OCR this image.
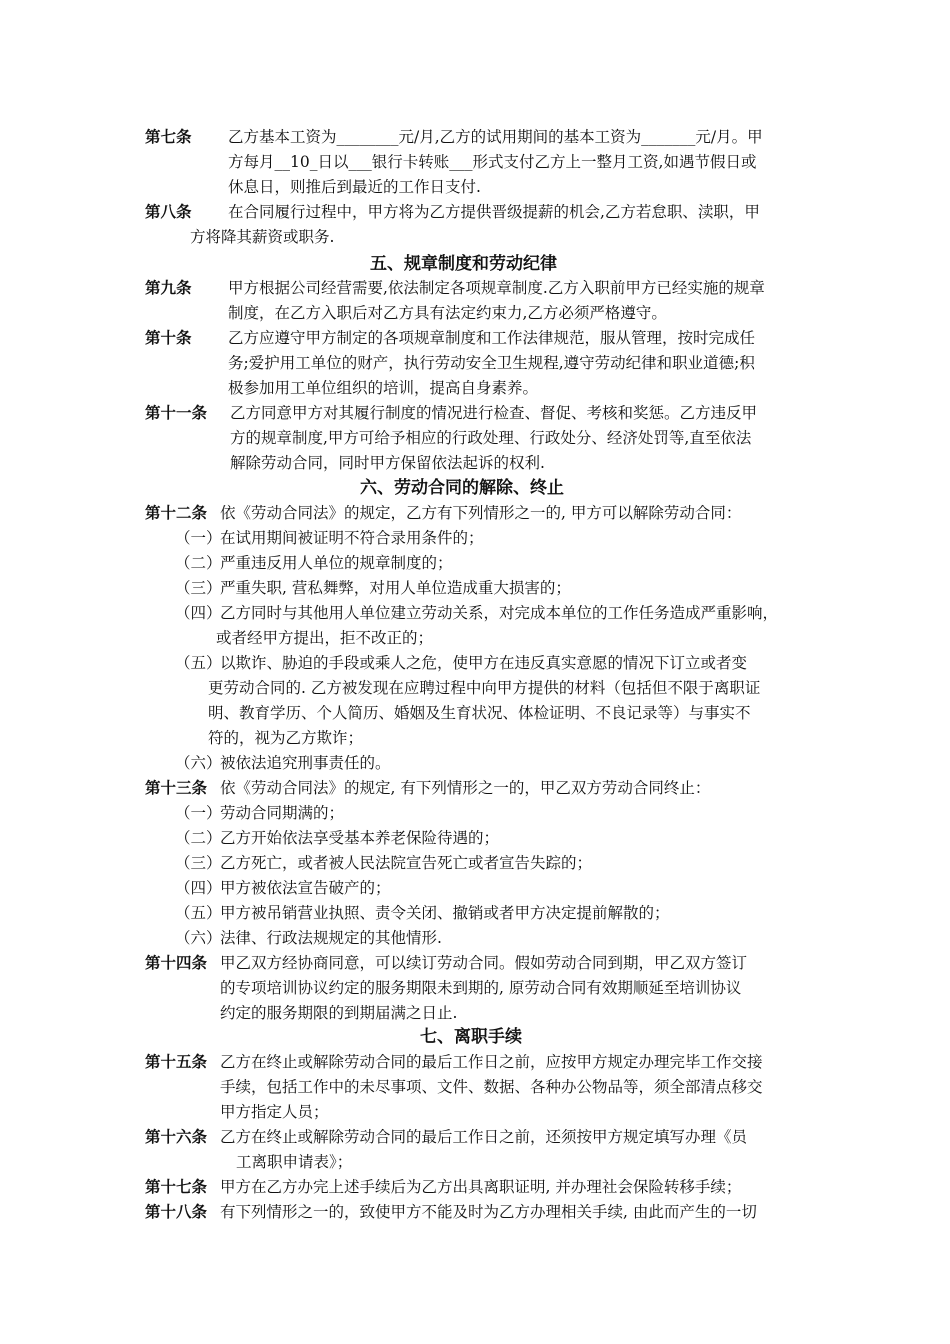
第七条 乙方基本工资为________元/月,乙方的试用期间的基本工资为_______元/月。甲
方每月__10_日以___银行卡转账___形式支付乙方上一整月工资,如遇节假日或
休息日，则推后到最近的工作日支付.
第八条 在合同履行过程中，甲方将为乙方提供晋级提薪的机会,乙方若怠职、渎职，甲
方将降其薪资或职务.
五、规章制度和劳动纪律
第九条 甲方根据公司经营需要,依法制定各项规章制度.乙方入职前甲方已经实施的规章
制度，在乙方入职后对乙方具有法定约束力,乙方必须严格遵守。
第十条 乙方应遵守甲方制定的各项规章制度和工作法律规范，服从管理，按时完成任
务;爱护用工单位的财产，执行劳动安全卫生规程,遵守劳动纪律和职业道德;积
极参加用工单位组织的培训，提高自身素养。
第十一条 乙方同意甲方对其履行制度的情况进行检查、督促、考核和奖惩。乙方违反甲
方的规章制度,甲方可给予相应的行政处理、行政处分、经济处罚等,直至依法
解除劳动合同，同时甲方保留依法起诉的权利.
六、劳动合同的解除、终止
第十二条 依《劳动合同法》的规定，乙方有下列情形之一的, 甲方可以解除劳动合同：
（一）
在试用期间被证明不符合录用条件的；
（二）
严重违反用人单位的规章制度的；
（三）
严重失职, 营私舞弊，对用人单位造成重大损害的；
（四）
乙方同时与其他用人单位建立劳动关系，对完成本单位的工作任务造成严重影响，
或者经甲方提出，拒不改正的；
（五）
以欺诈、胁迫的手段或乘人之危，使甲方在违反真实意愿的情况下订立或者变
更劳动合同的. 乙方被发现在应聘过程中向甲方提供的材料（包括但不限于离职证
明、教育学历、个人简历、婚姻及生育状况、体检证明、不良记录等）与事实不
符的，视为乙方欺诈；
（六）
被依法追究刑事责任的。
第十三条 依《劳动合同法》的规定, 有下列情形之一的，甲乙双方劳动合同终止：
（一）
劳动合同期满的；
（二）
乙方开始依法享受基本养老保险待遇的；
（三）
乙方死亡，或者被人民法院宣告死亡或者宣告失踪的；
（四）
甲方被依法宣告破产的；
（五）
甲方被吊销营业执照、责令关闭、撤销或者甲方决定提前解散的；
（六）
法律、行政法规规定的其他情形.
第十四条 甲乙双方经协商同意，可以续订劳动合同。假如劳动合同到期，甲乙双方签订
的专项培训协议约定的服务期限未到期的, 原劳动合同有效期顺延至培训协议
约定的服务期限的到期届满之日止.
七、离职手续
第十五条 乙方在终止或解除劳动合同的最后工作日之前，应按甲方规定办理完毕工作交接
手续，包括工作中的未尽事项、文件、数据、各种办公物品等，须全部清点移交
甲方指定人员；
第十六条 乙方在终止或解除劳动合同的最后工作日之前，还须按甲方规定填写办理《员
工离职申请表》；
第十七条 甲方在乙方办完上述手续后为乙方出具离职证明, 并办理社会保险转移手续；
第十八条 有下列情形之一的，致使甲方不能及时为乙方办理相关手续, 由此而产生的一切
